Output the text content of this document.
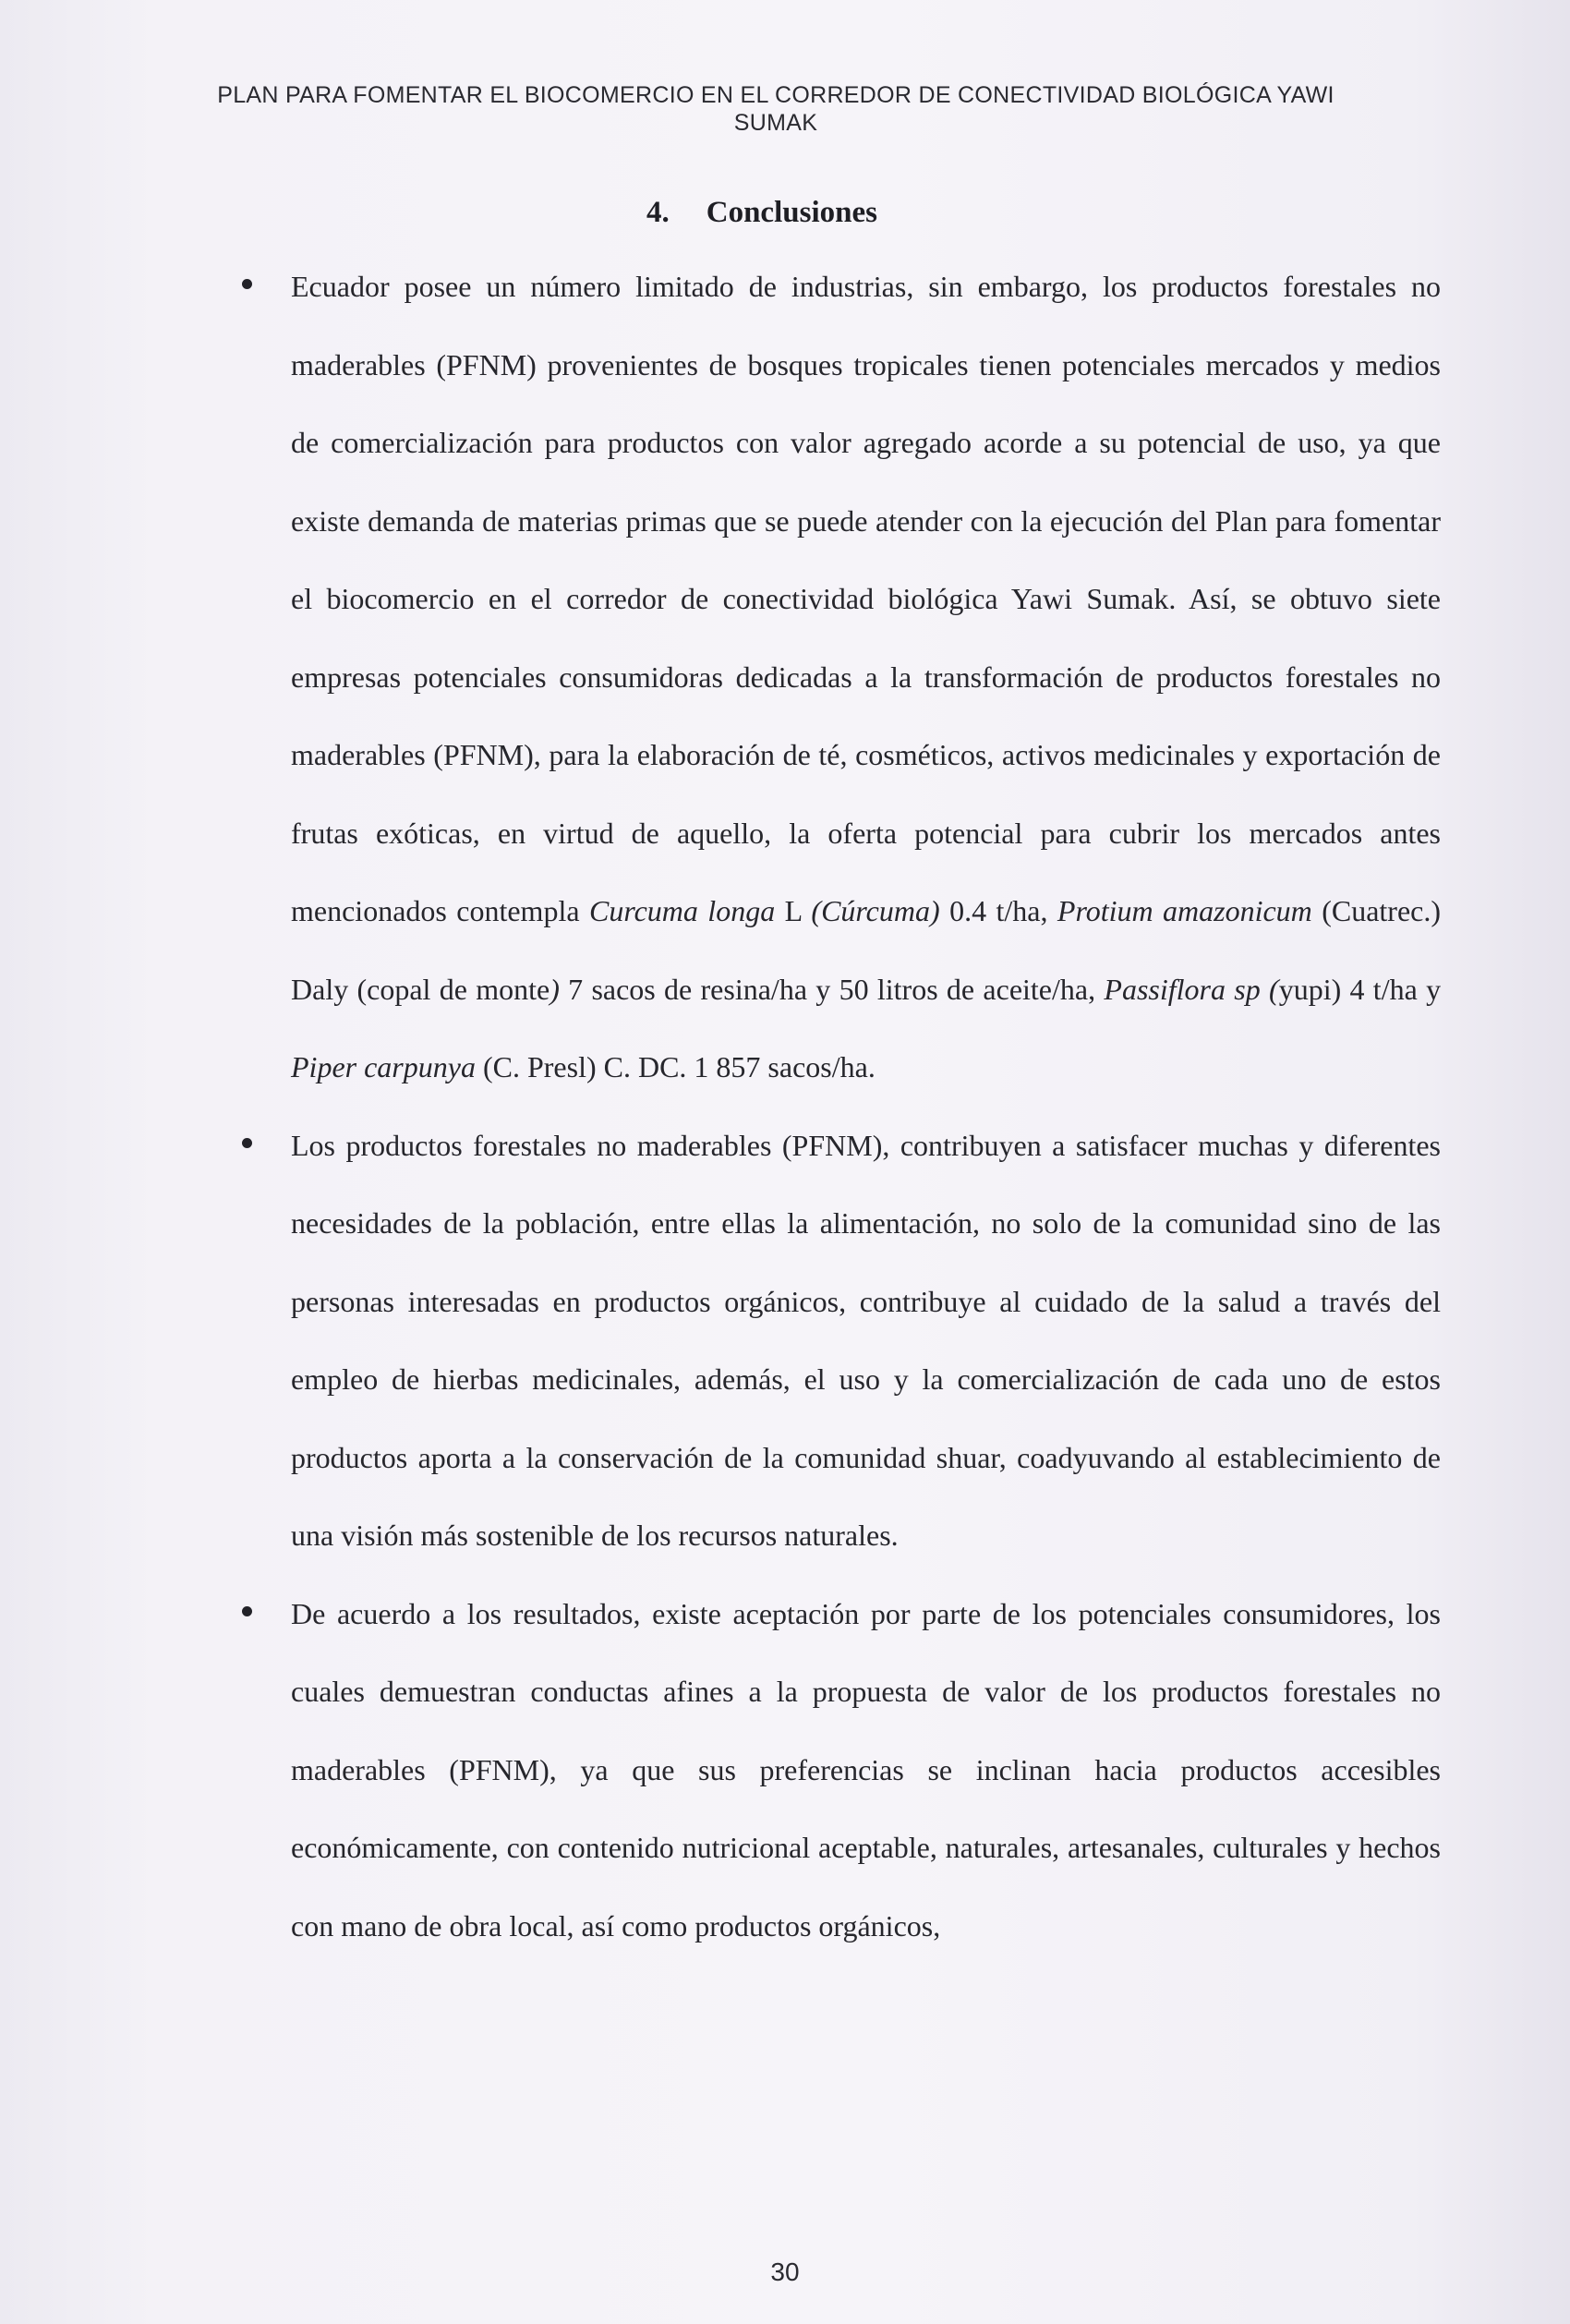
PLAN PARA FOMENTAR EL BIOCOMERCIO EN EL CORREDOR DE CONECTIVIDAD BIOLÓGICA YAWI
SUMAK
4. Conclusiones
Ecuador posee un número limitado de industrias, sin embargo, los productos forestales no maderables (PFNM) provenientes de bosques tropicales tienen potenciales mercados y medios de comercialización para productos con valor agregado acorde a su potencial de uso, ya que existe demanda de materias primas que se puede atender con la ejecución del Plan para fomentar el biocomercio en el corredor de conectividad biológica Yawi Sumak. Así, se obtuvo siete empresas potenciales consumidoras dedicadas a la transformación de productos forestales no maderables (PFNM), para la elaboración de té, cosméticos, activos medicinales y exportación de frutas exóticas, en virtud de aquello, la oferta potencial para cubrir los mercados antes mencionados contempla Curcuma longa L (Cúrcuma) 0.4 t/ha, Protium amazonicum (Cuatrec.) Daly (copal de monte) 7 sacos de resina/ha y 50 litros de aceite/ha, Passiflora sp (yupi) 4 t/ha y Piper carpunya (C. Presl) C. DC. 1 857 sacos/ha.
Los productos forestales no maderables (PFNM), contribuyen a satisfacer muchas y diferentes necesidades de la población, entre ellas la alimentación, no solo de la comunidad sino de las personas interesadas en productos orgánicos, contribuye al cuidado de la salud a través del empleo de hierbas medicinales, además, el uso y la comercialización de cada uno de estos productos aporta a la conservación de la comunidad shuar, coadyuvando al establecimiento de una visión más sostenible de los recursos naturales.
De acuerdo a los resultados, existe aceptación por parte de los potenciales consumidores, los cuales demuestran conductas afines a la propuesta de valor de los productos forestales no maderables (PFNM), ya que sus preferencias se inclinan hacia productos accesibles económicamente, con contenido nutricional aceptable, naturales, artesanales, culturales y hechos con mano de obra local, así como productos orgánicos,
30
